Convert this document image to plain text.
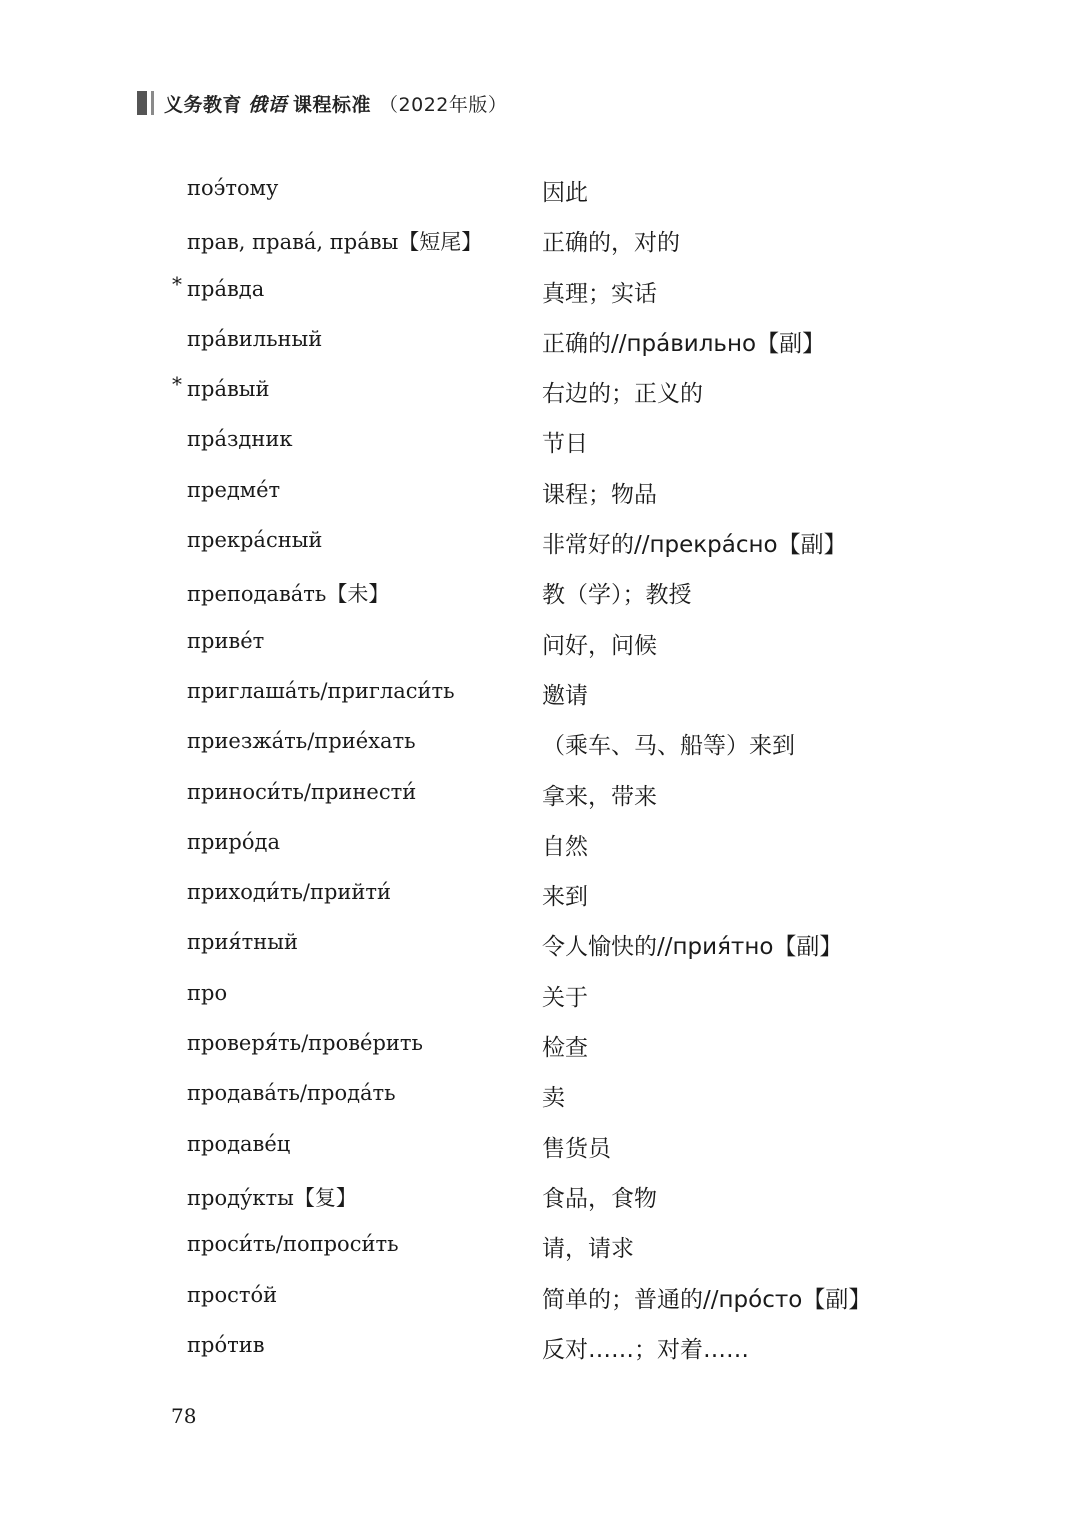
义务教育 俄语 课程标准 （2022年版）
поэ́тому	因此
прав, права́, пра́вы【短尾】	正确的，对的
* пра́вда	真理；实话
пра́вильный	正确的//пра́вильно【副】
* пра́вый	右边的；正义的
пра́здник	节日
предме́т	课程；物品
прекра́сный	非常好的//прекра́сно【副】
преподава́ть【未】	教（学）；教授
приве́т	问好，问候
приглаша́ть/пригласи́ть	邀请
приезжа́ть/прие́хать	（乘车、马、船等）来到
приноси́ть/принести́	拿来，带来
приро́да	自然
приходи́ть/прийти́	来到
прия́тный	令人愉快的//прия́тно【副】
про	关于
проверя́ть/прове́рить	检查
продава́ть/прода́ть	卖
продаве́ц	售货员
проду́кты【复】	食品，食物
проси́ть/попроси́ть	请，请求
просто́й	简单的；普通的//про́сто【副】
про́тив	反对……；对着……
78
